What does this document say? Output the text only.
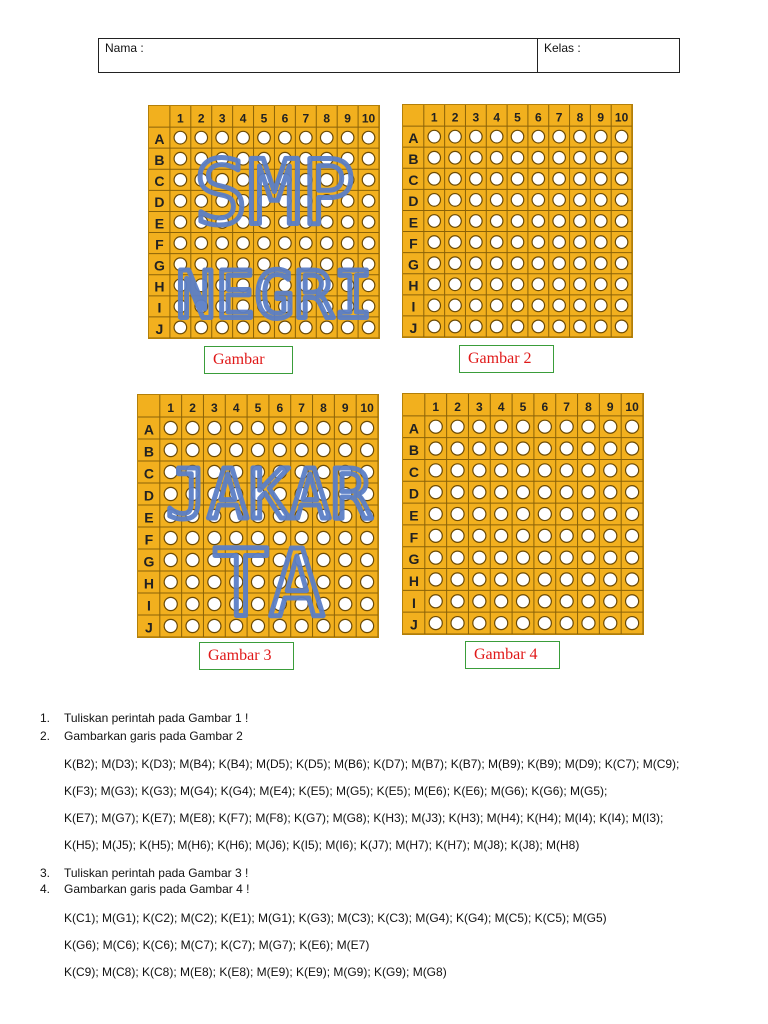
Nama :	Kelas :
1 2 3 4 5 6 7 8 9 10
A
B
C
D
E
F
G
H
I
J
SMP
NEGRI
1 2 3 4 5 6 7 8 9 10
A
B
C
D
E
F
G
H
I
J
1 2 3 4 5 6 7 8 9 10
A
B
C
D
E
F
G
H
I
J
JAKAR
TA
1 2 3 4 5 6 7 8 9 10
A
B
C
D
E
F
G
H
I
J
Gambar	Gambar 2
Gambar 3	Gambar 4
1. Tuliskan perintah pada Gambar 1 !
2. Gambarkan garis pada Gambar 2
K(B2); M(D3); K(D3); M(B4); K(B4); M(D5); K(D5); M(B6); K(D7); M(B7); K(B7); M(B9); K(B9); M(D9); K(C7); M(C9);
K(F3); M(G3); K(G3); M(G4); K(G4); M(E4); K(E5); M(G5); K(E5); M(E6); K(E6); M(G6); K(G6); M(G5);
K(E7); M(G7); K(E7); M(E8); K(F7); M(F8); K(G7); M(G8); K(H3); M(J3); K(H3); M(H4); K(H4); M(I4); K(I4); M(I3);
K(H5); M(J5); K(H5); M(H6); K(H6); M(J6); K(I5); M(I6); K(J7); M(H7); K(H7); M(J8); K(J8); M(H8)
3. Tuliskan perintah pada Gambar 3 !
4. Gambarkan garis pada Gambar 4 !
K(C1); M(G1); K(C2); M(C2); K(E1); M(G1); K(G3); M(C3); K(C3); M(G4); K(G4); M(C5); K(C5); M(G5)
K(G6); M(C6); K(C6); M(C7); K(C7); M(G7); K(E6); M(E7)
K(C9); M(C8); K(C8); M(E8); K(E8); M(E9); K(E9); M(G9); K(G9); M(G8)
